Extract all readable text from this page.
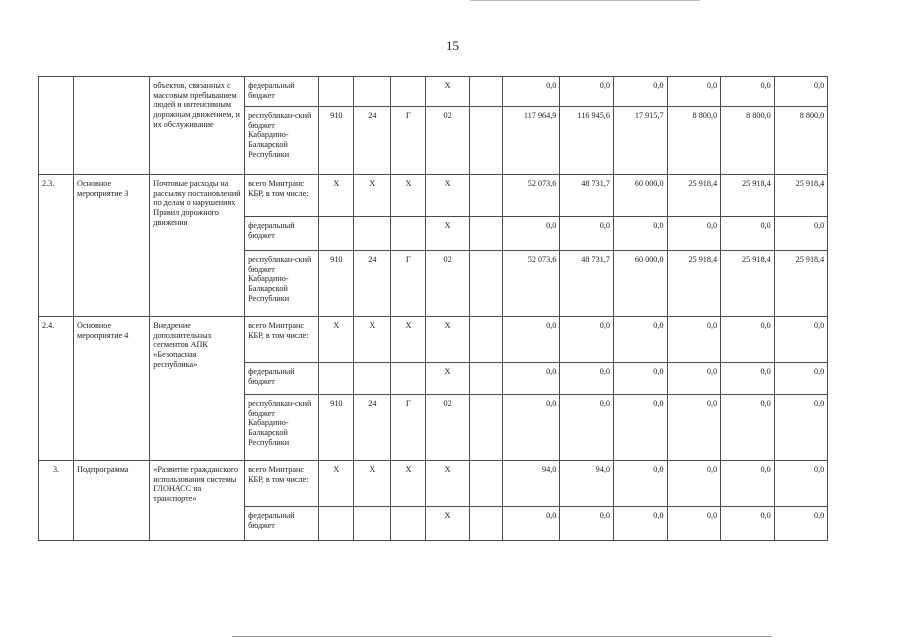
15
		объектов, связанных с массовым пребыванием людей и интенсивным дорожным движением, и их обслуживание	федеральный бюджет				Х		0,0	0,0	0,0	0,0	0,0	0,0
			республикан-ский бюджет Кабардино-Балкарской Республики	910	24	Г	02		117 964,9	116 945,6	17 915,7	8 800,0	8 800,0	8 800,0
2.3.	Основное мероприятие 3	Почтовые расходы на рассылку постановлений по делам о нарушениях Правил дорожного движения	всего Минтранс КБР, в том числе:	Х	Х	Х	Х		52 073,6	48 731,7	60 000,0	25 918,4	25 918,4	25 918,4
			федеральный бюджет				Х		0,0	0,0	0,0	0,0	0,0	0,0
			республикан-ский бюджет Кабардино-Балкарской Республики	910	24	Г	02		52 073,6	48 731,7	60 000,0	25 918,4	25 918,4	25 918,4
2.4.	Основное мероприятие 4	Внедрение дополнительных сегментов АПК «Безопасная республика»	всего Минтранс КБР, в том числе:	Х	Х	Х	Х		0,0	0,0	0,0	0,0	0,0	0,0
			федеральный бюджет				Х		0,0	0,0	0,0	0,0	0,0	0,0
			республикан-ский бюджет Кабардино-Балкарской Республики	910	24	Г	02		0,0	0,0	0,0	0,0	0,0	0,0
3.	Подпрограмма	«Развитие гражданского использования системы ГЛОНАСС на транспорте»	всего Минтранс КБР, в том числе:	Х	Х	Х	Х		94,0	94,0	0,0	0,0	0,0	0,0
			федеральный бюджет				Х		0,0	0,0	0,0	0,0	0,0	0,0
